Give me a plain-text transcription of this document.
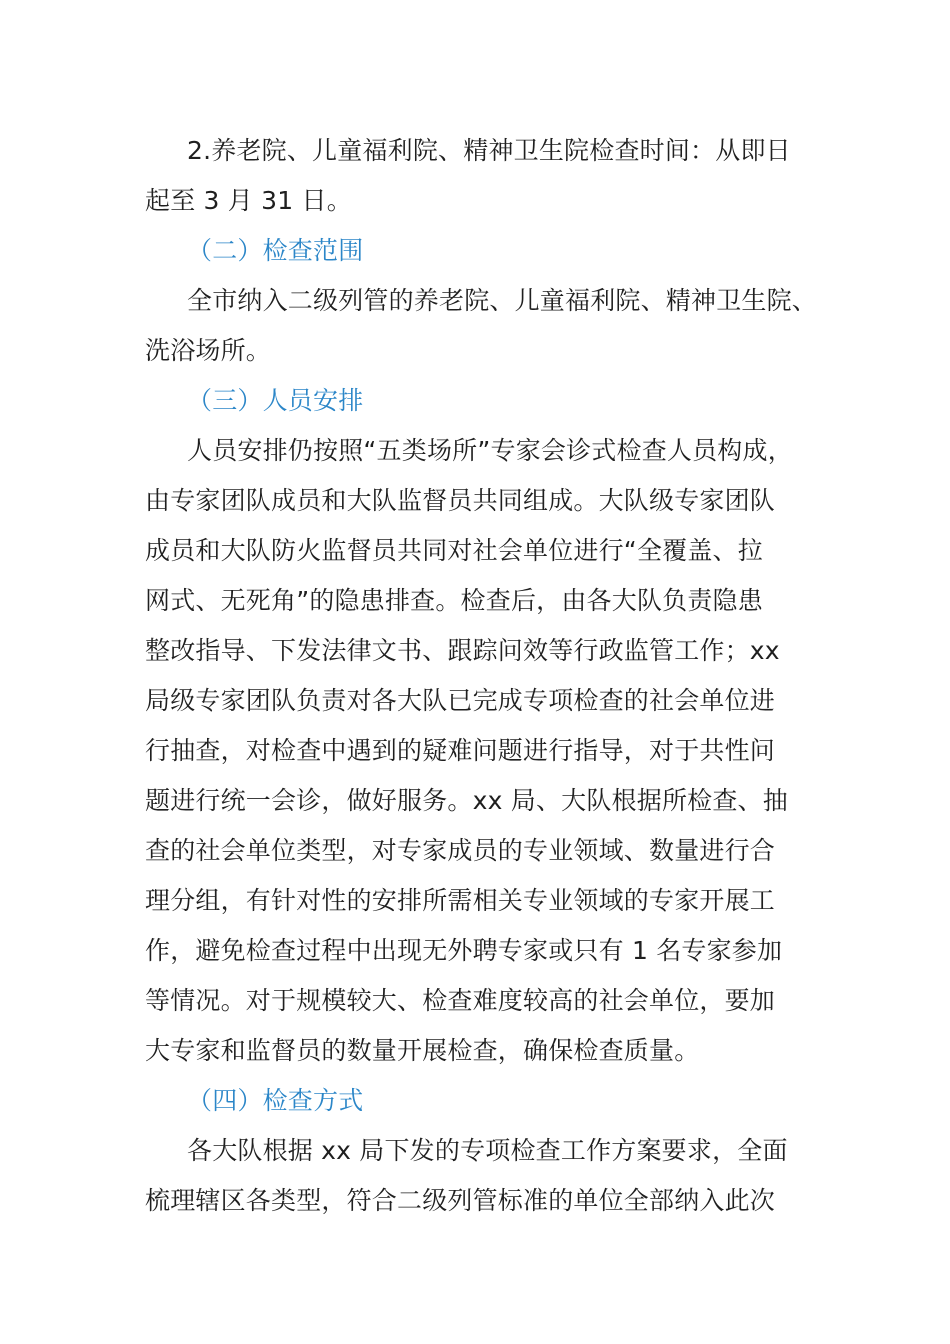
2.养老院、儿童福利院、精神卫生院检查时间：从即日
起至 3 月 31 日。
（二）检查范围
全市纳入二级列管的养老院、儿童福利院、精神卫生院、
洗浴场所。
（三）人员安排
人员安排仍按照“五类场所”专家会诊式检查人员构成，
由专家团队成员和大队监督员共同组成。大队级专家团队
成员和大队防火监督员共同对社会单位进行“全覆盖、拉
网式、无死角”的隐患排查。检查后，由各大队负责隐患
整改指导、下发法律文书、跟踪问效等行政监管工作；xx
局级专家团队负责对各大队已完成专项检查的社会单位进
行抽查，对检查中遇到的疑难问题进行指导，对于共性问
题进行统一会诊，做好服务。xx 局、大队根据所检查、抽
查的社会单位类型，对专家成员的专业领域、数量进行合
理分组，有针对性的安排所需相关专业领域的专家开展工
作，避免检查过程中出现无外聘专家或只有 1 名专家参加
等情况。对于规模较大、检查难度较高的社会单位，要加
大专家和监督员的数量开展检查，确保检查质量。
（四）检查方式
各大队根据 xx 局下发的专项检查工作方案要求，全面
梳理辖区各类型，符合二级列管标准的单位全部纳入此次
